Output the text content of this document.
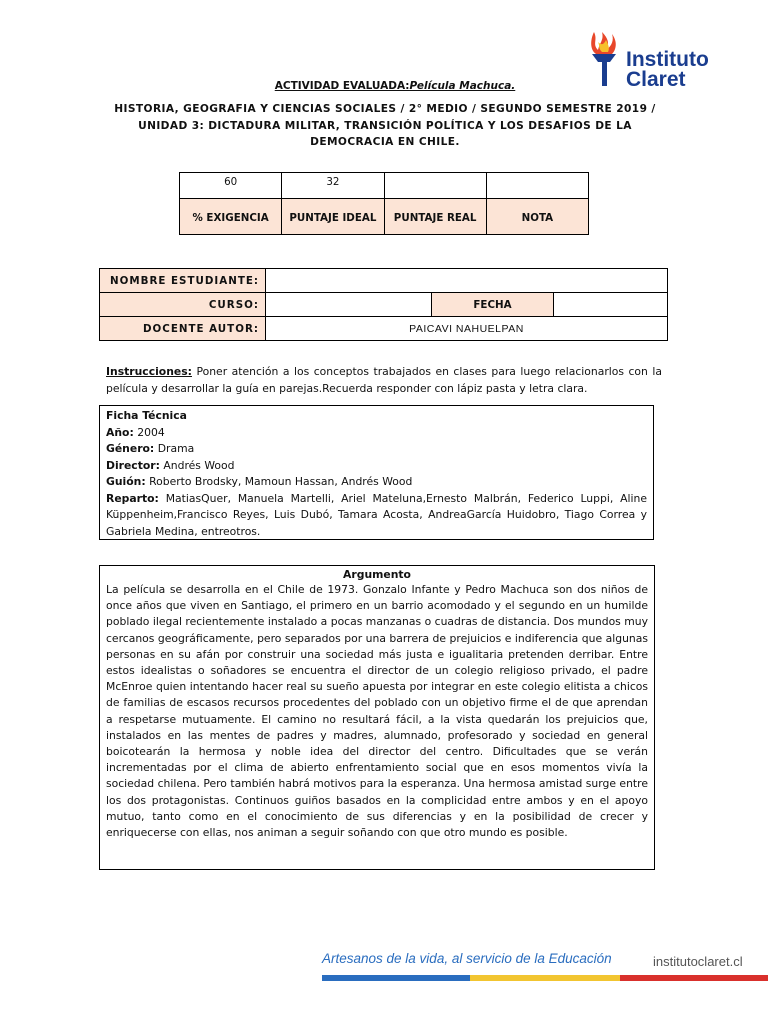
Instituto
Claret
ACTIVIDAD EVALUADA:Película Machuca.
HISTORIA, GEOGRAFIA Y CIENCIAS SOCIALES / 2° MEDIO / SEGUNDO SEMESTRE 2019 / UNIDAD 3: DICTADURA MILITAR, TRANSICIÓN POLÍTICA Y LOS DESAFIOS DE LA DEMOCRACIA EN CHILE.
60	32		
% EXIGENCIA	PUNTAJE IDEAL	PUNTAJE REAL	NOTA
NOMBRE ESTUDIANTE:			
CURSO:		FECHA	
DOCENTE AUTOR:	PAICAVI NAHUELPAN		
Instrucciones: Poner atención a los conceptos trabajados en clases para luego relacionarlos con la película y desarrollar la guía en parejas.Recuerda responder con lápiz pasta y letra clara.
Ficha Técnica
Año: 2004
Género: Drama
Director: Andrés Wood
Guión: Roberto Brodsky, Mamoun Hassan, Andrés Wood
Reparto: MatiasQuer, Manuela Martelli, Ariel Mateluna,Ernesto Malbrán, Federico Luppi, Aline Küppenheim,Francisco Reyes, Luis Dubó, Tamara Acosta, AndreaGarcía Huidobro, Tiago Correa y Gabriela Medina, entreotros.
Argumento

La película se desarrolla en el Chile de 1973. Gonzalo Infante y Pedro Machuca son dos niños de once años que viven en Santiago, el primero en un barrio acomodado y el segundo en un humilde poblado ilegal recientemente instalado a pocas manzanas o cuadras de distancia. Dos mundos muy cercanos geográficamente, pero separados por una barrera de prejuicios e indiferencia que algunas personas en su afán por construir una sociedad más justa e igualitaria pretenden derribar. Entre estos idealistas o soñadores se encuentra el director de un colegio religioso privado, el padre McEnroe quien intentando hacer real su sueño apuesta por integrar en este colegio elitista a chicos de familias de escasos recursos procedentes del poblado con un objetivo firme el de que aprendan a respetarse mutuamente. El camino no resultará fácil, a la vista quedarán los prejuicios que, instalados en las mentes de padres y madres, alumnado, profesorado y sociedad en general boicotearán la hermosa y noble idea del director del centro. Dificultades que se verán incrementadas por el clima de abierto enfrentamiento social que en esos momentos vivía la sociedad chilena. Pero también habrá motivos para la esperanza. Una hermosa amistad surge entre los dos protagonistas. Continuos guiños basados en la complicidad entre ambos y en el apoyo mutuo, tanto como en el conocimiento de sus diferencias y en la posibilidad de crecer y enriquecerse con ellas, nos animan a seguir soñando con que otro mundo es posible.

Artesanos de la vida, al servicio de la Educación	institutoclaret.cl
